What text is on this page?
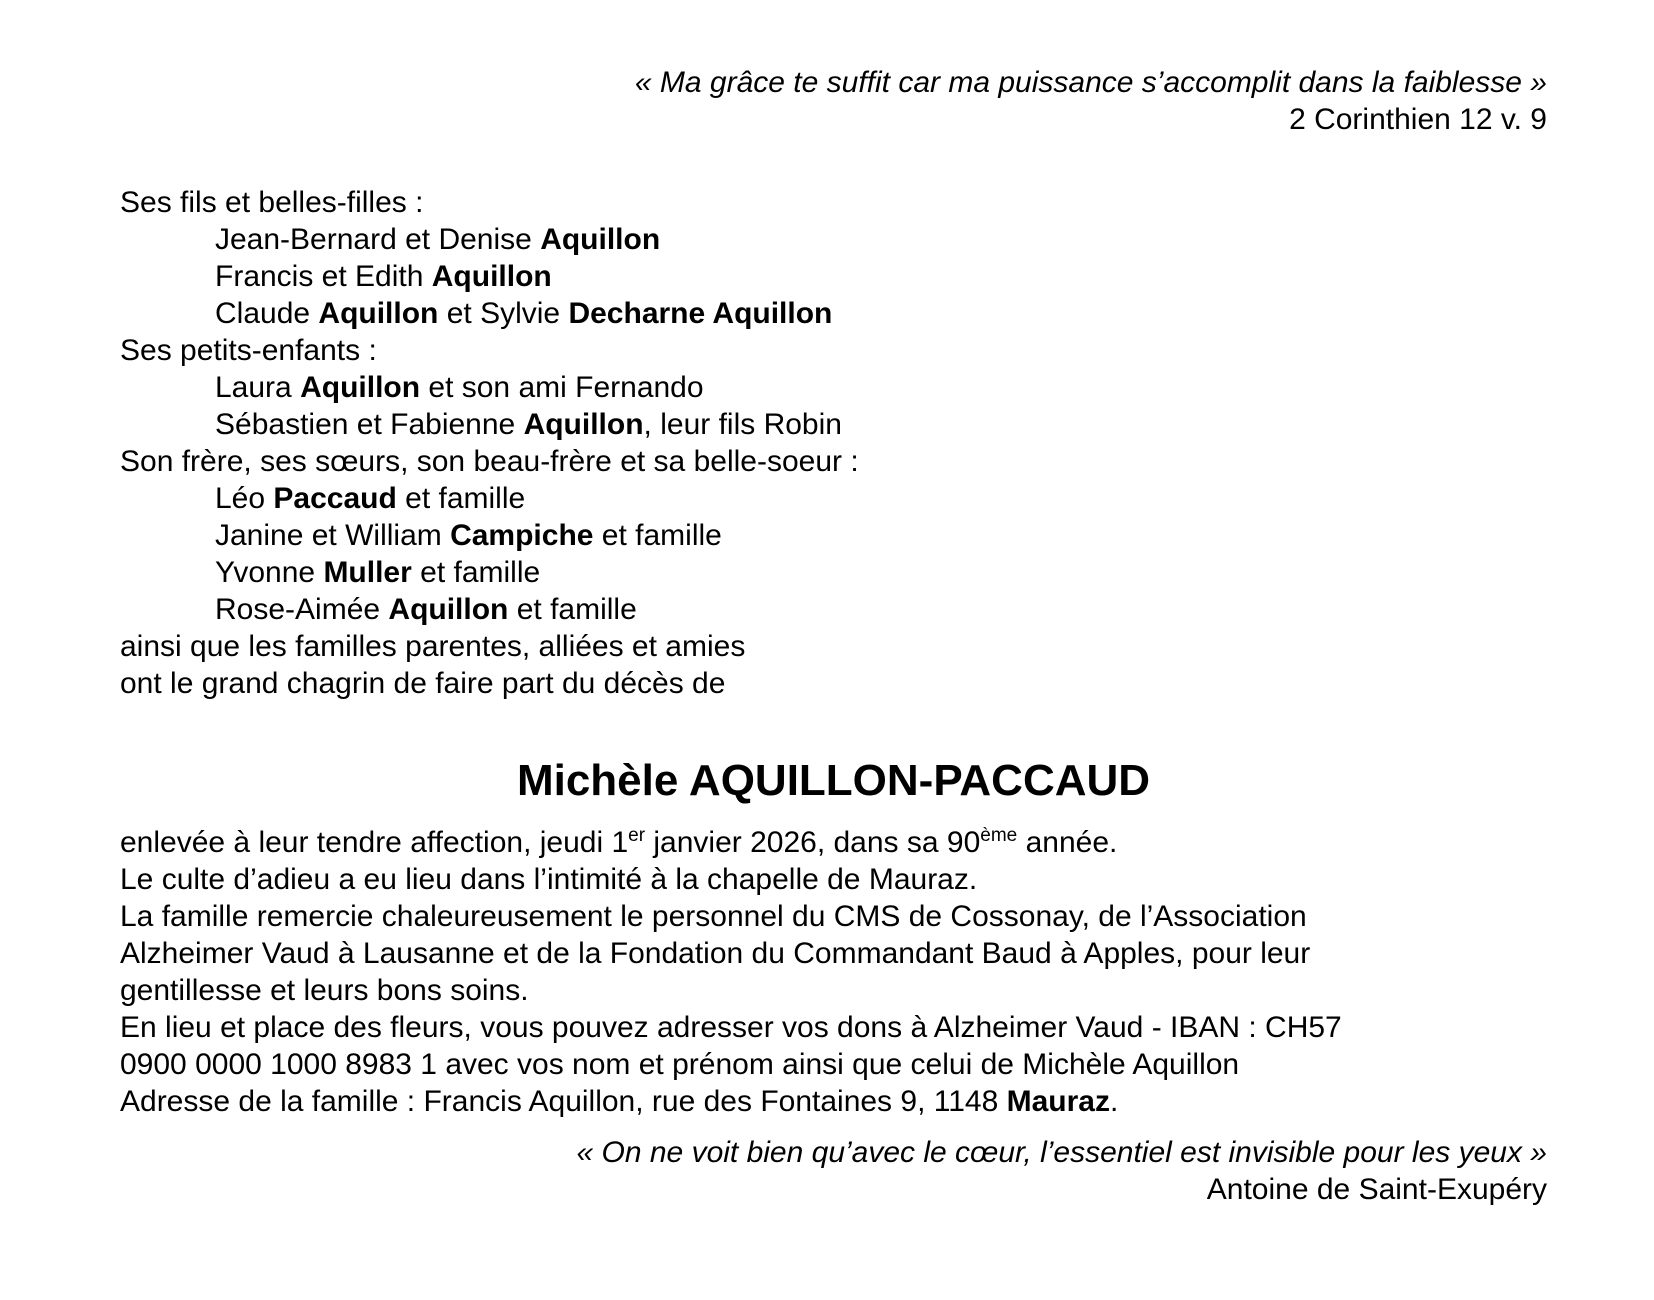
« Ma grâce te suffit car ma puissance s’accomplit dans la faiblesse »
2 Corinthien 12 v. 9
Ses fils et belles-filles :
Jean-Bernard et Denise Aquillon
Francis et Edith Aquillon
Claude Aquillon et Sylvie Decharne Aquillon
Ses petits-enfants :
Laura Aquillon et son ami Fernando
Sébastien et Fabienne Aquillon, leur fils Robin
Son frère, ses sœurs, son beau-frère et sa belle-soeur :
Léo Paccaud et famille
Janine et William Campiche et famille
Yvonne Muller et famille
Rose-Aimée Aquillon et famille
ainsi que les familles parentes, alliées et amies
ont le grand chagrin de faire part du décès de
Michèle AQUILLON-PACCAUD
enlevée à leur tendre affection, jeudi 1er janvier 2026, dans sa 90ème année.
Le culte d’adieu a eu lieu dans l’intimité à la chapelle de Mauraz.
La famille remercie chaleureusement le personnel du CMS de Cossonay, de l’Association
Alzheimer Vaud à Lausanne et de la Fondation du Commandant Baud à Apples, pour leur
gentillesse et leurs bons soins.
En lieu et place des fleurs, vous pouvez adresser vos dons à Alzheimer Vaud - IBAN : CH57
0900 0000 1000 8983 1 avec vos nom et prénom ainsi que celui de Michèle Aquillon
Adresse de la famille : Francis Aquillon, rue des Fontaines 9, 1148 Mauraz.
« On ne voit bien qu’avec le cœur, l’essentiel est invisible pour les yeux »
Antoine de Saint-Exupéry
